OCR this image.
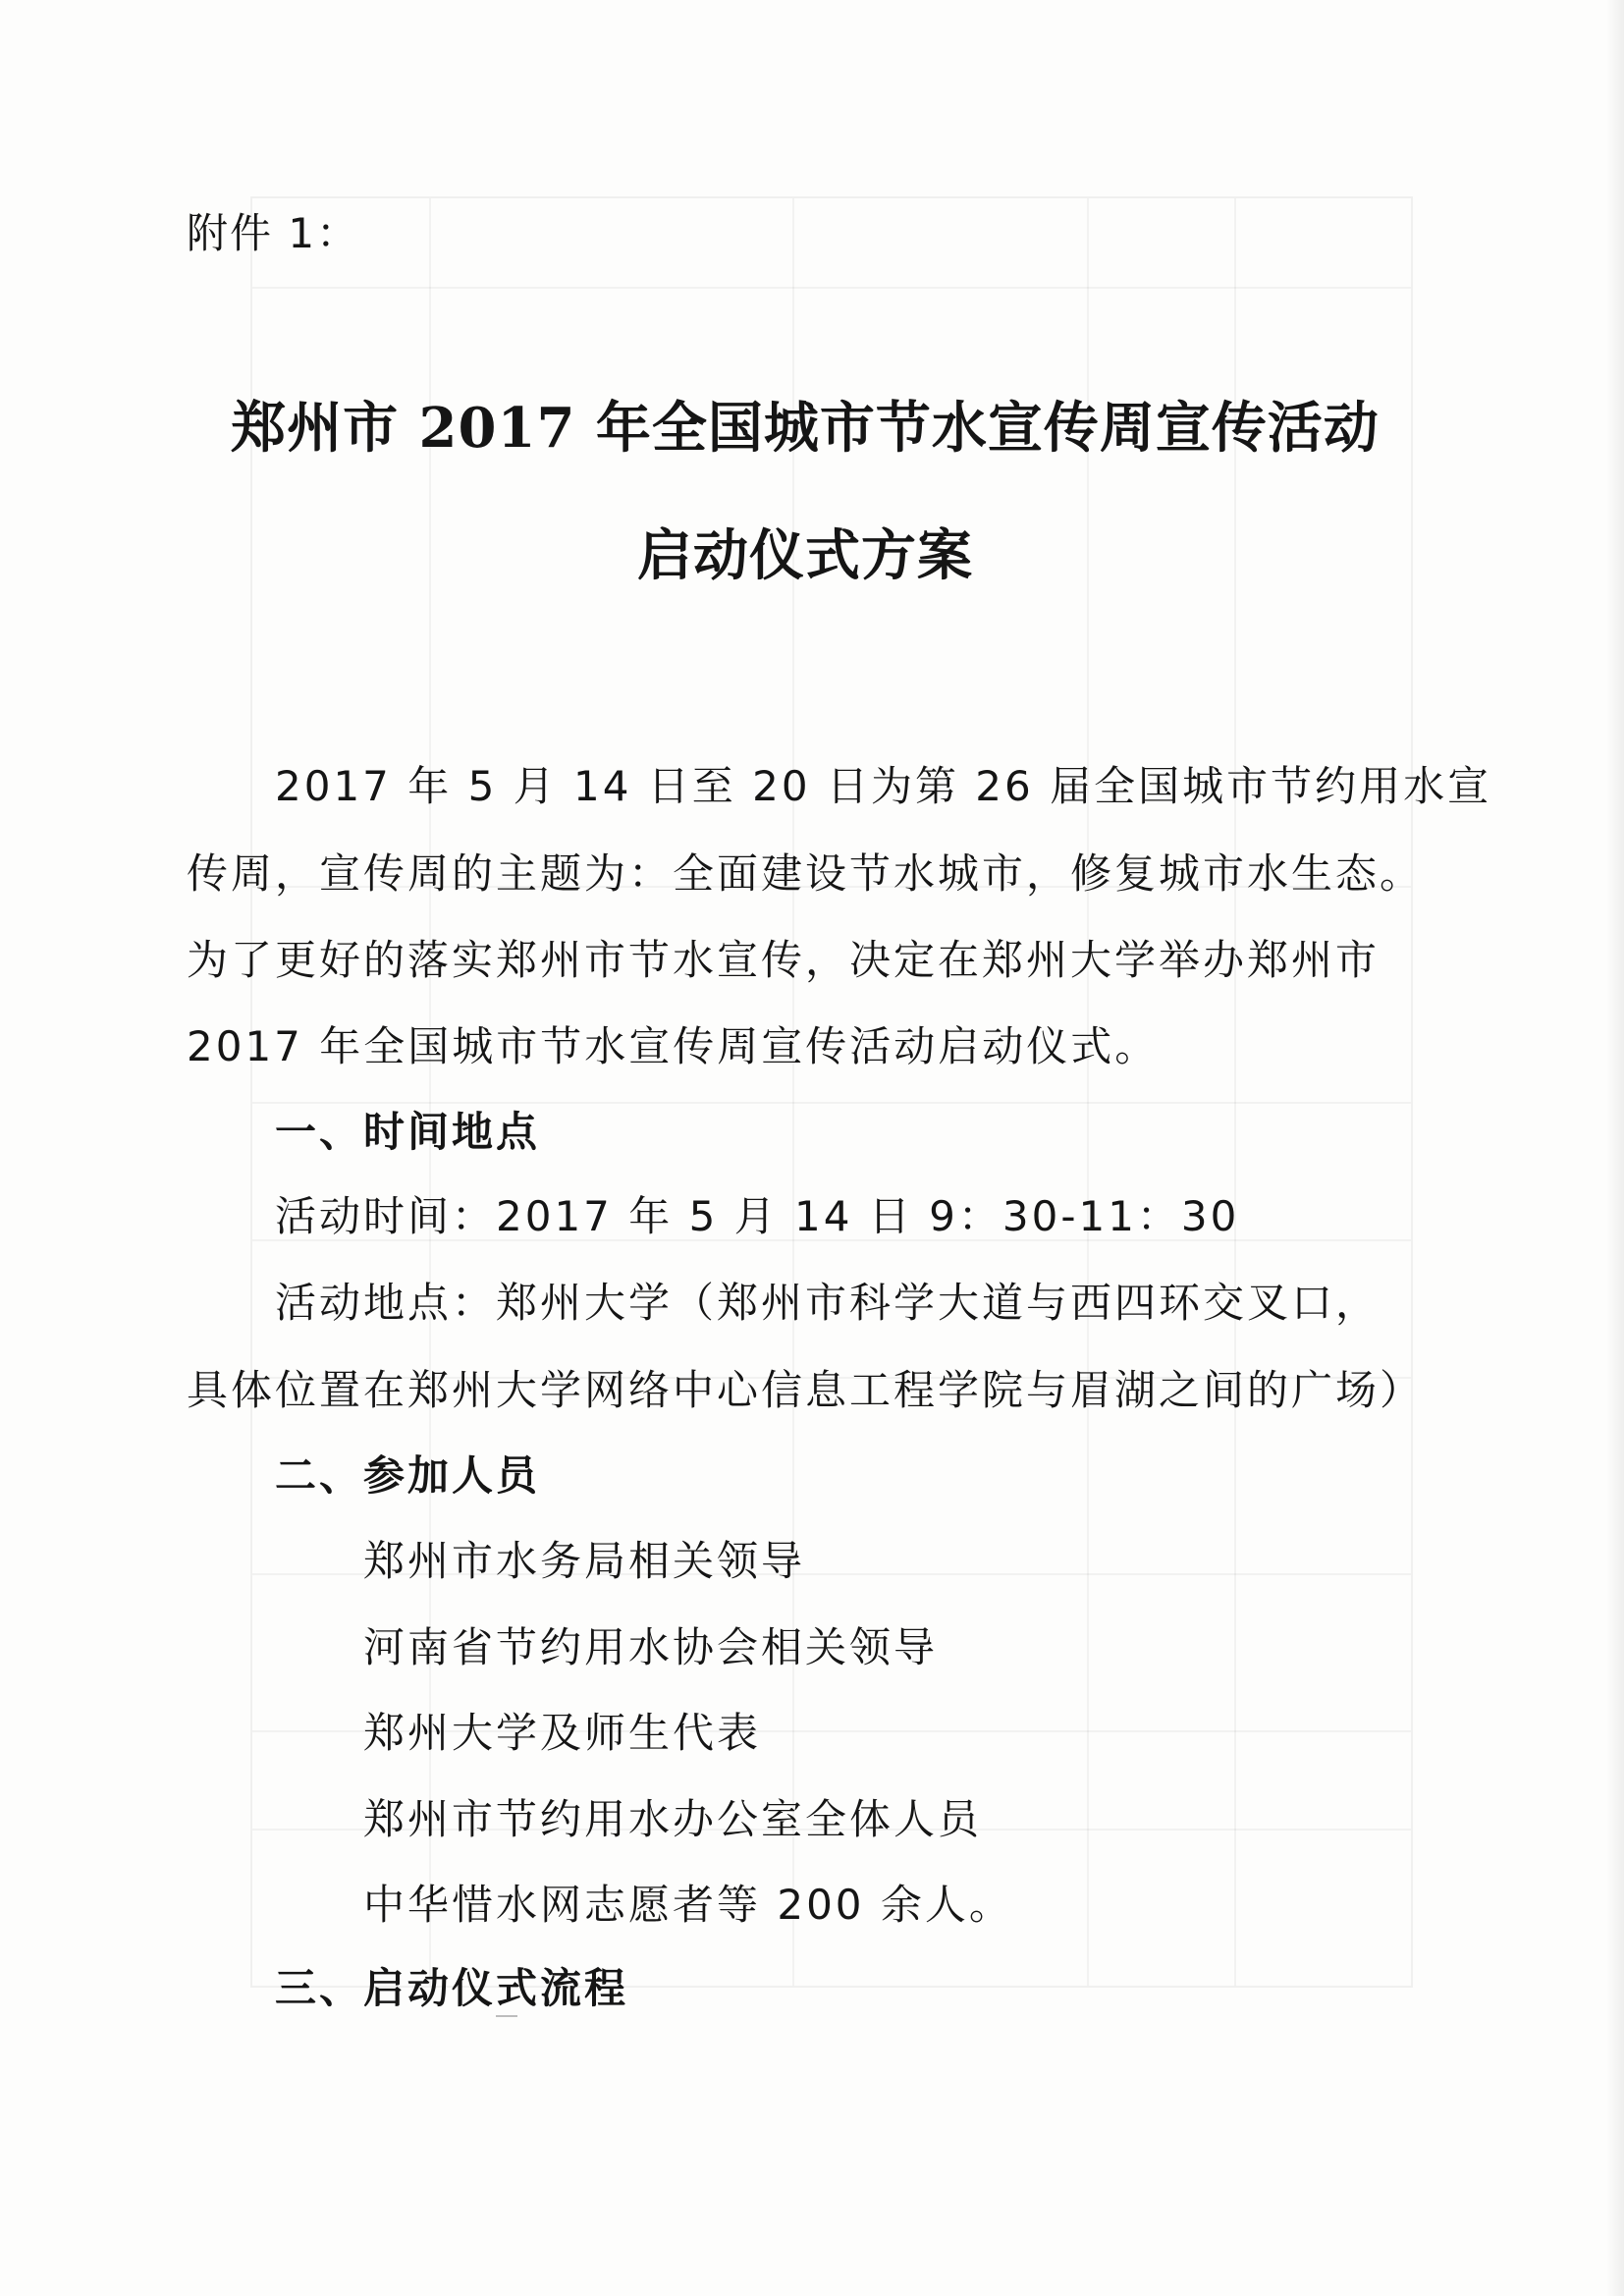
附件 1：
郑州市 2017 年全国城市节水宣传周宣传活动
启动仪式方案
2017 年 5 月 14 日至 20 日为第 26 届全国城市节约用水宣
传周，宣传周的主题为：全面建设节水城市，修复城市水生态。
为了更好的落实郑州市节水宣传，决定在郑州大学举办郑州市
2017 年全国城市节水宣传周宣传活动启动仪式。
一、时间地点
活动时间：2017 年 5 月 14 日 9：30-11：30
活动地点：郑州大学（郑州市科学大道与西四环交叉口，
具体位置在郑州大学网络中心信息工程学院与眉湖之间的广场）
二、参加人员
郑州市水务局相关领导
河南省节约用水协会相关领导
郑州大学及师生代表
郑州市节约用水办公室全体人员
中华惜水网志愿者等 200 余人。
三、启动仪式流程
